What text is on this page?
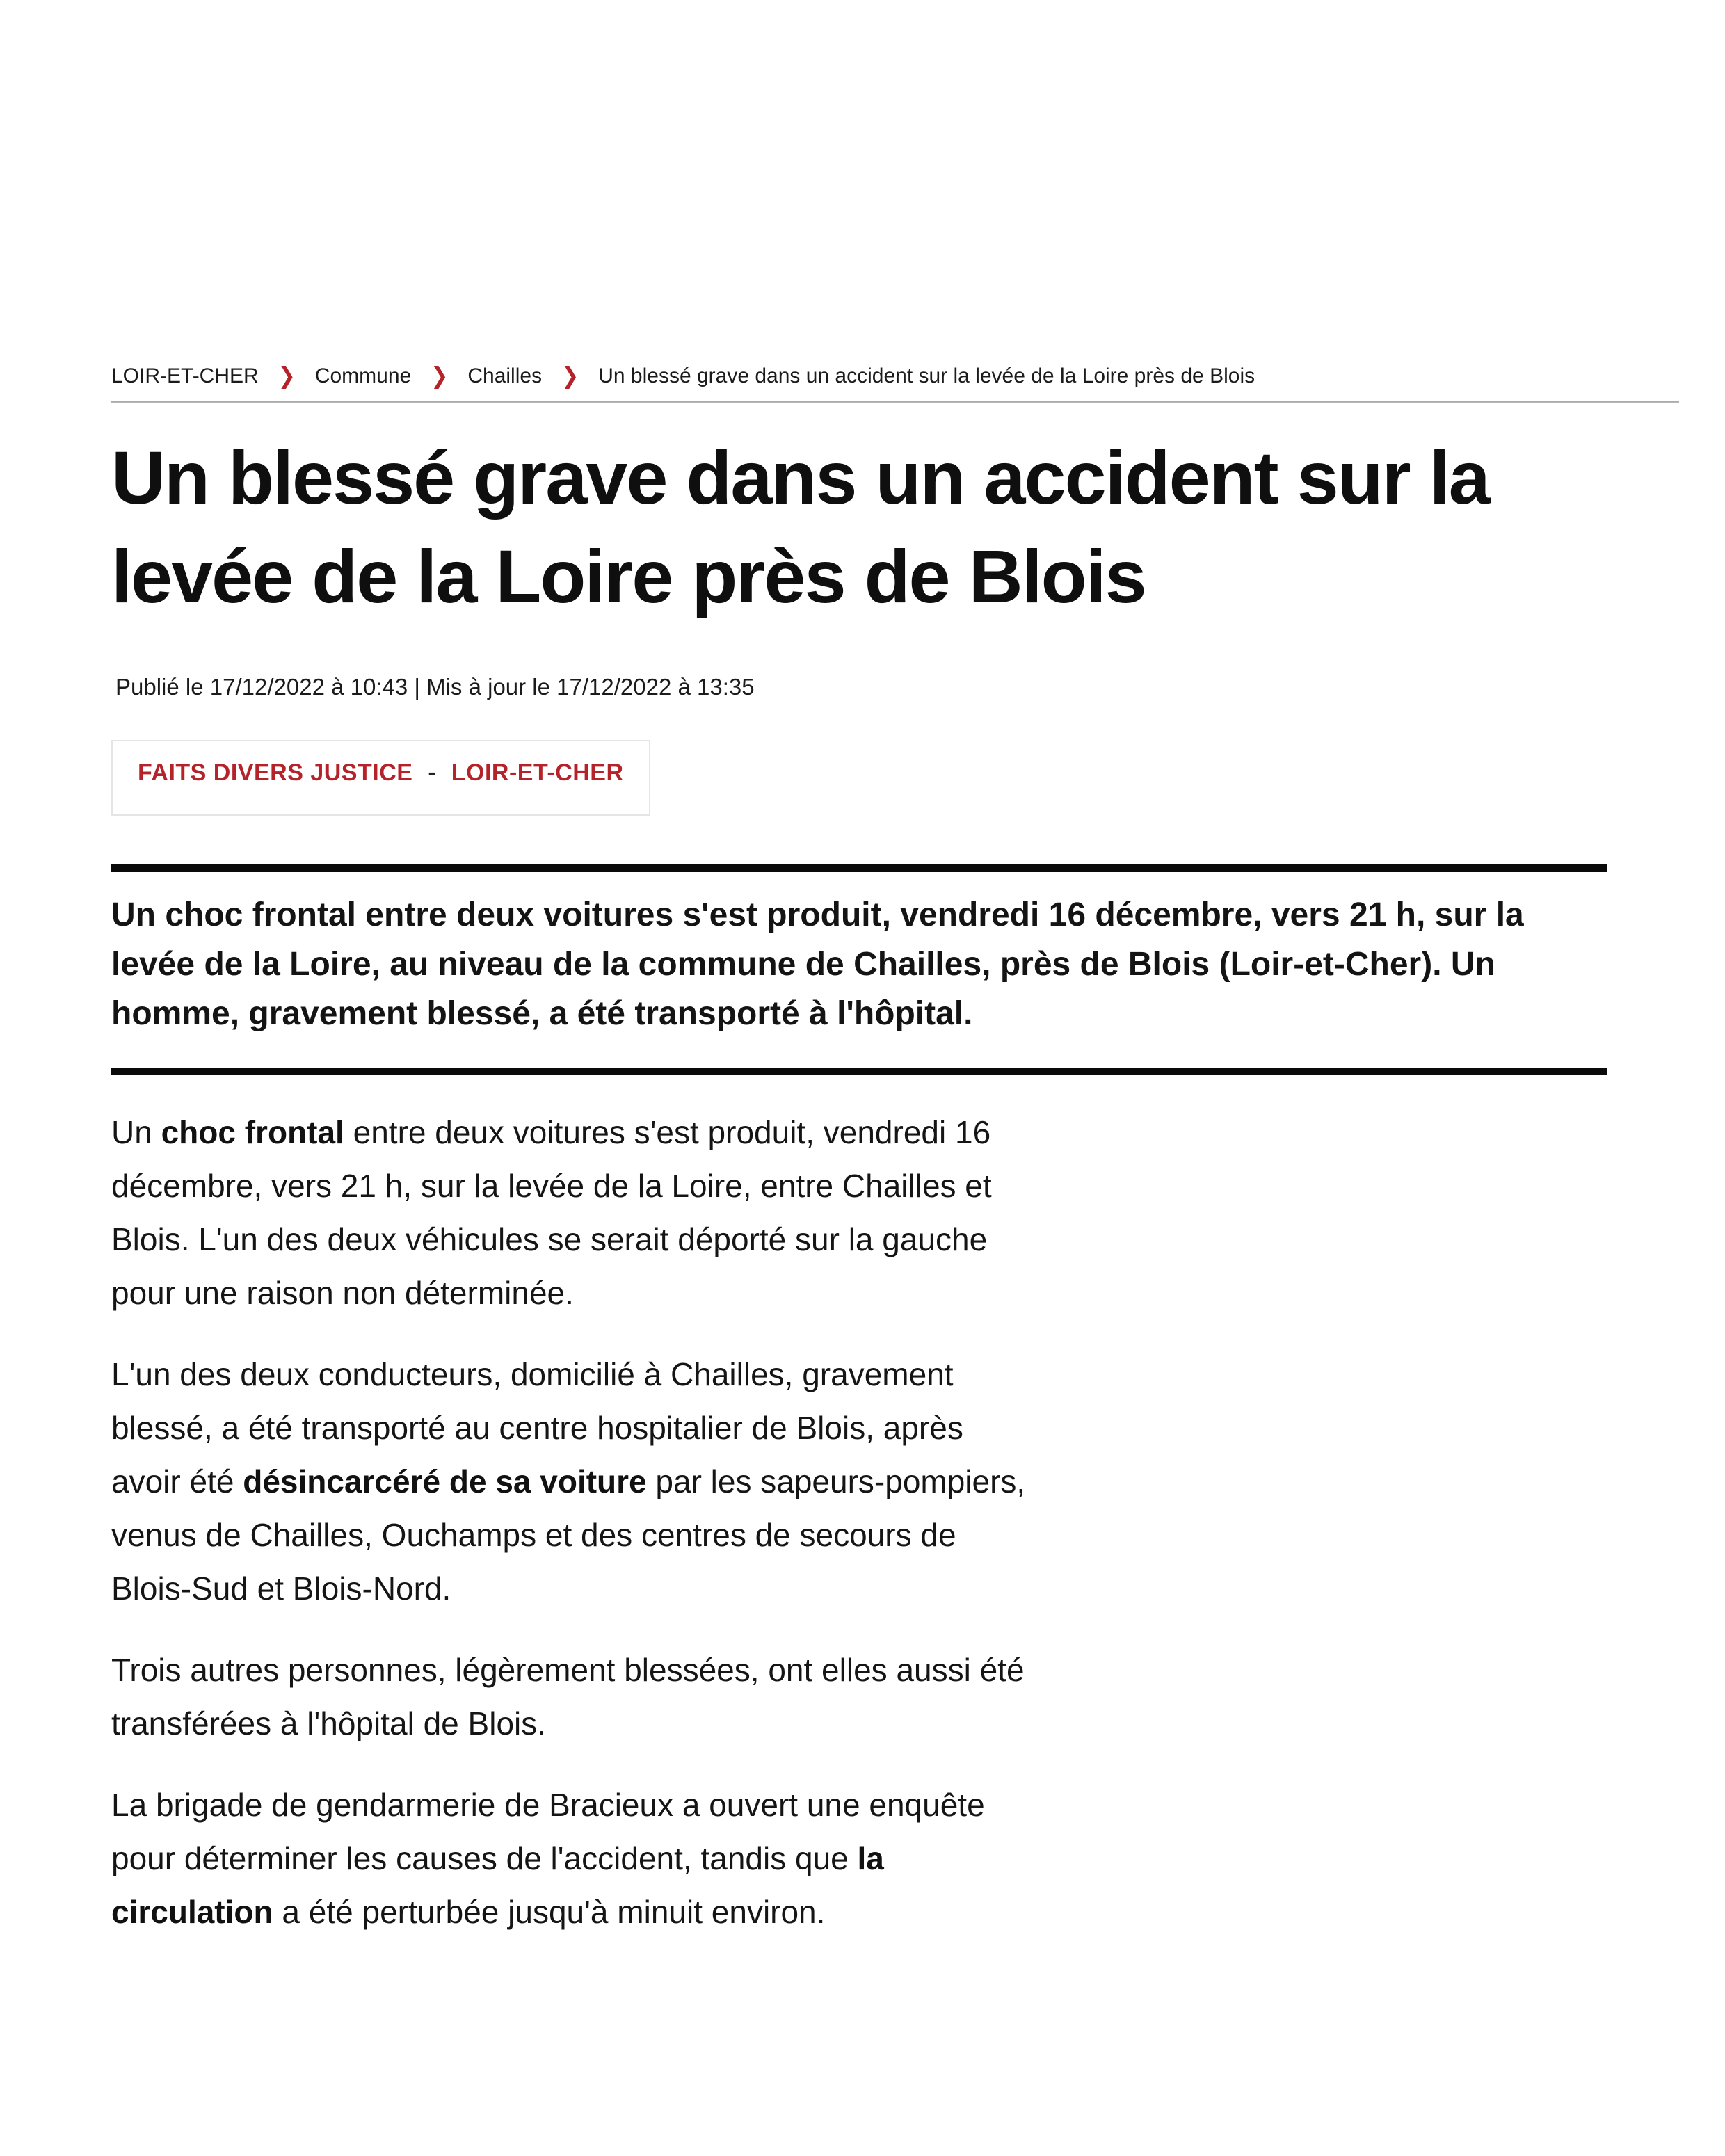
LOIR-ET-CHER ❯ Commune ❯ Chailles ❯ Un blessé grave dans un accident sur la levée de la Loire près de Blois
Un blessé grave dans un accident sur la
levée de la Loire près de Blois
Publié le 17/12/2022 à 10:43 | Mis à jour le 17/12/2022 à 13:35
FAITS DIVERS JUSTICE - LOIR-ET-CHER

Un choc frontal entre deux voitures s'est produit, vendredi 16 décembre, vers 21 h, sur la levée de la Loire, au niveau de la commune de Chailles, près de Blois (Loir-et-Cher). Un homme, gravement blessé, a été transporté à l'hôpital.

Un choc frontal entre deux voitures s'est produit, vendredi 16 décembre, vers 21 h, sur la levée de la Loire, entre Chailles et Blois. L'un des deux véhicules se serait déporté sur la gauche pour une raison non déterminée.

L'un des deux conducteurs, domicilié à Chailles, gravement blessé, a été transporté au centre hospitalier de Blois, après avoir été désincarcéré de sa voiture par les sapeurs-pompiers, venus de Chailles, Ouchamps et des centres de secours de Blois-Sud et Blois-Nord.

Trois autres personnes, légèrement blessées, ont elles aussi été transférées à l'hôpital de Blois.

La brigade de gendarmerie de Bracieux a ouvert une enquête pour déterminer les causes de l'accident, tandis que la circulation a été perturbée jusqu'à minuit environ.
